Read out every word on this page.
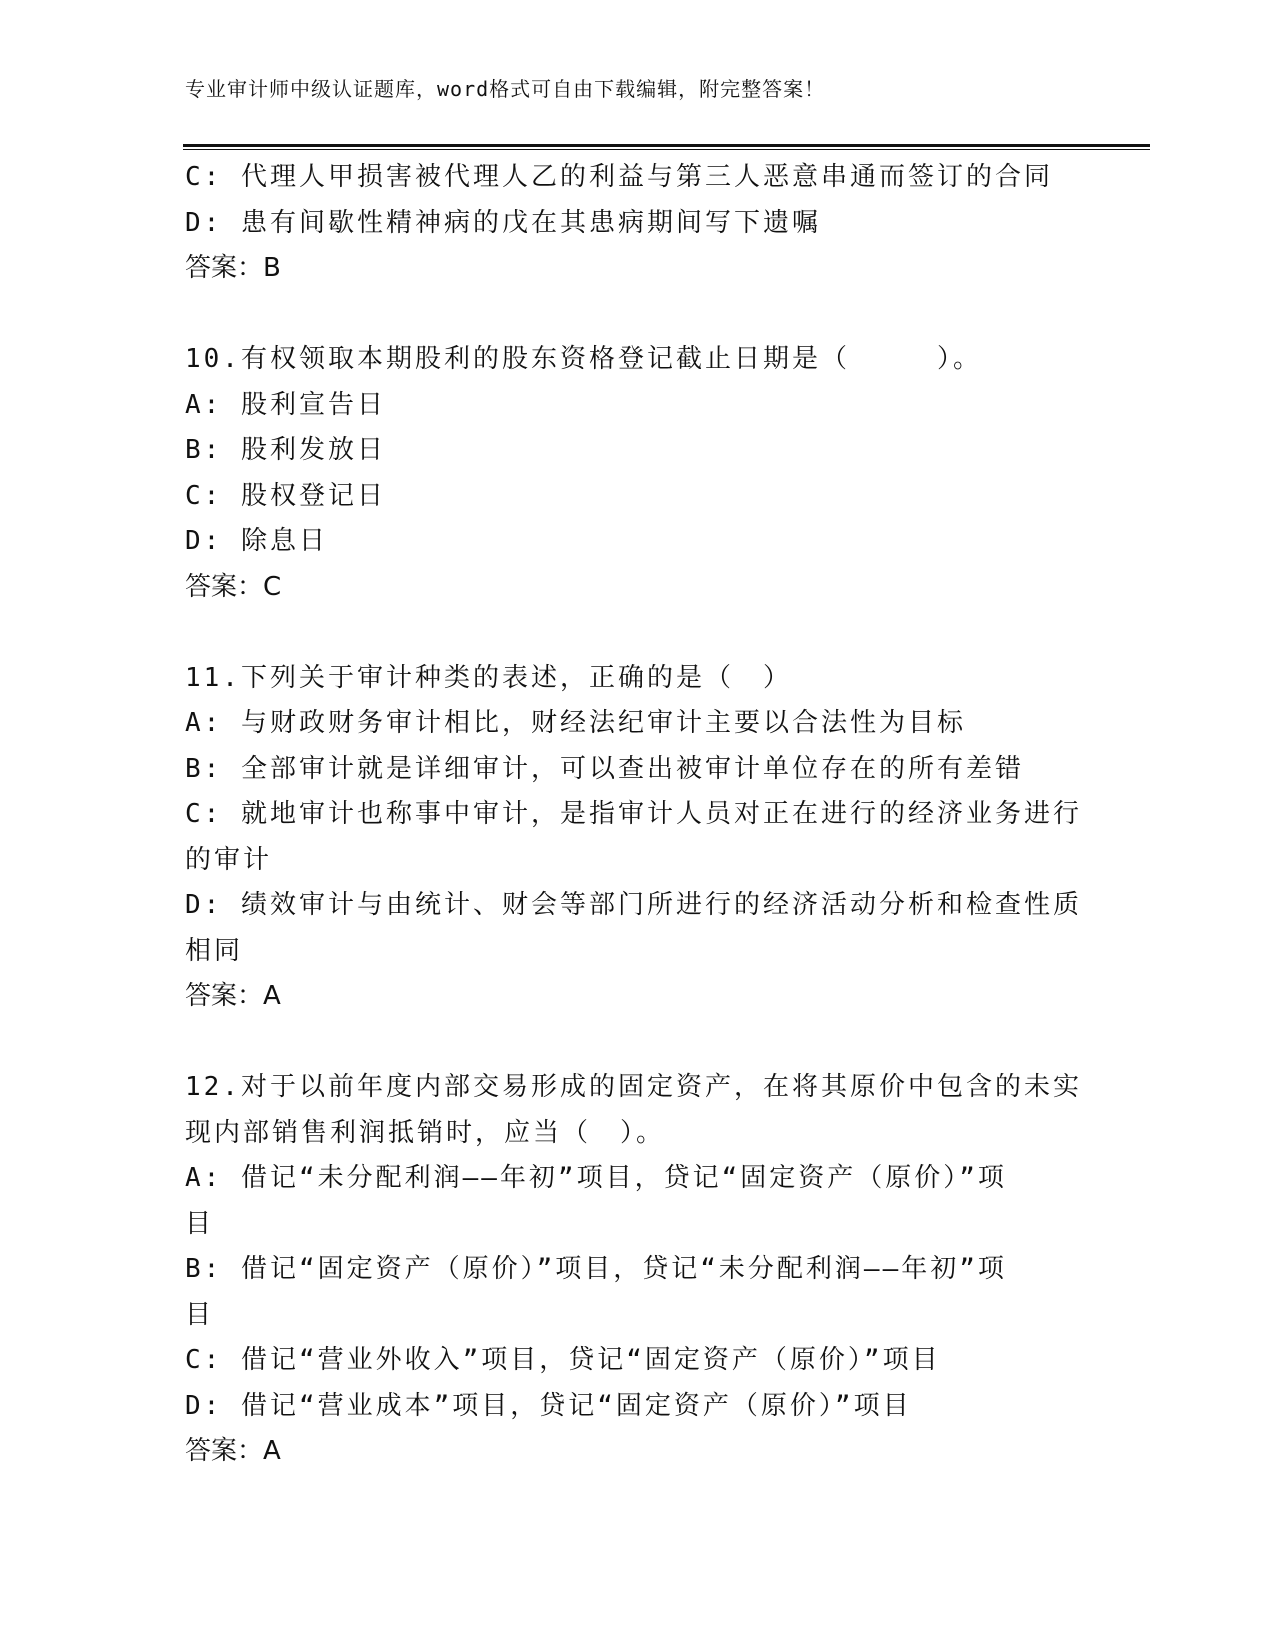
专业审计师中级认证题库，word格式可自由下载编辑，附完整答案！
C: 代理人甲损害被代理人乙的利益与第三人恶意串通而签订的合同
D: 患有间歇性精神病的戊在其患病期间写下遗嘱
答案：B
10.有权领取本期股利的股东资格登记截止日期是（　　　）。
A: 股利宣告日
B: 股利发放日
C: 股权登记日
D: 除息日
答案：C
11.下列关于审计种类的表述，正确的是（　）
A: 与财政财务审计相比，财经法纪审计主要以合法性为目标
B: 全部审计就是详细审计，可以查出被审计单位存在的所有差错
C: 就地审计也称事中审计，是指审计人员对正在进行的经济业务进行
的审计
D: 绩效审计与由统计、财会等部门所进行的经济活动分析和检查性质
相同
答案：A
12.对于以前年度内部交易形成的固定资产，在将其原价中包含的未实
现内部销售利润抵销时，应当（　）。
A: 借记“未分配利润——年初”项目，贷记“固定资产（原价）”项
目
B: 借记“固定资产（原价）”项目，贷记“未分配利润——年初”项
目
C: 借记“营业外收入”项目，贷记“固定资产（原价）”项目
D: 借记“营业成本”项目，贷记“固定资产（原价）”项目
答案：A
